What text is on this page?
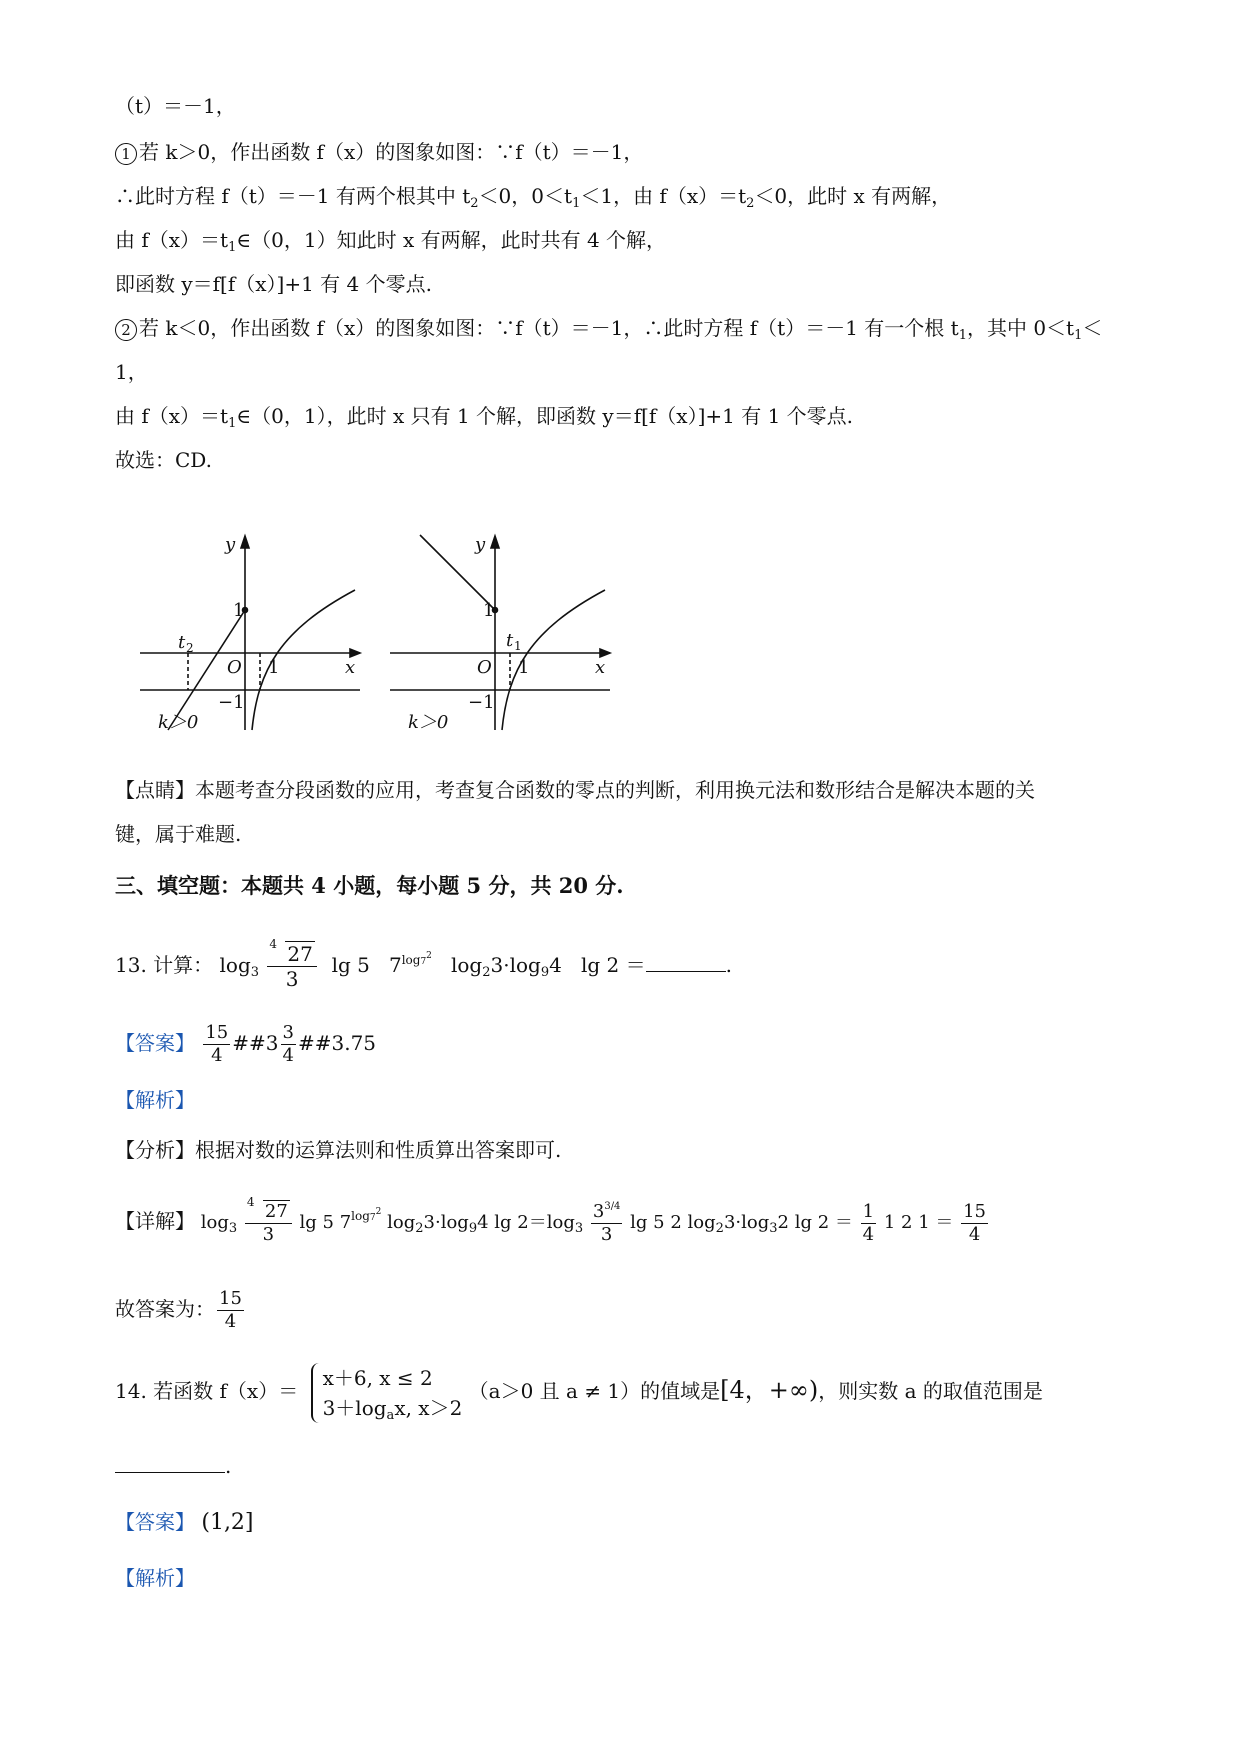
（t）＝－1，
1 若 k＞0，作出函数 f（x）的图象如图：∵f（t）＝－1，
∴此时方程 f（t）＝－1 有两个根其中 $t_2<0$，$0<t_1<1$，由 $f(x)=t_2<0$，此时 x 有两解，
由 $f(x)=t_1\in(0$，1）知此时 x 有两解，此时共有 4 个解，
即函数 y＝f[f（x）]+1 有 4 个零点.
2 若 k＜0，作出函数 f（x）的图象如图：∵f（t）＝－1，∴此时方程 f（t）＝－1 有一个根 $t_1$，其中 $0<t_1<$
1，
由 $f(x)=t_1\in(0$，1），此时 x 只有 1 个解，即函数 y＝f[f（x）]+1 有 1 个零点.
故选：CD.
y
x
O
1
1
−1
t 2
k＞0
y
x
O
1
1
−1
t 1
k＞0
【点睛】本题考查分段函数的应用，考查复合函数的零点的判断，利用换元法和数形结合是解决本题的关
键，属于难题.
三、填空题：本题共 4 小题，每小题 5 分，共 20 分.
13. 计算： $\log_3 \frac{4 27}{3}$ lg 5 $7^{log7^2}$ $\log_23\cdot\log_94$ lg 2 ＝	.
【答案】 $\frac{15}{4}$ ##3 $\frac{3}{4}$ ##3.75
【解析】
【分析】根据对数的运算法则和性质算出答案即可.
【详解】 $\log_3 \frac{4 27}{3}$ lg 5 $7^{log7^2}$ $\log_23\cdot\log_94$ $\lg 2=\log_3 \frac{3^{3/4}}{3}$ lg 5 2 $\log_23\cdot\log_32$ $\lg 2 = \frac{1}{4} 1$ 2 $1 = \frac{15}{4}$
故答案为： $\frac{15}{4}$
14. 若函数 f（x）＝
x＋6, x ≤ 2
$3+\log_ax$, x＞2
（a＞0 且 a ≠ 1）的值域是[4，+∞)，则实数 a 的取值范围是
.
【答案】 (1,2]
【解析】
